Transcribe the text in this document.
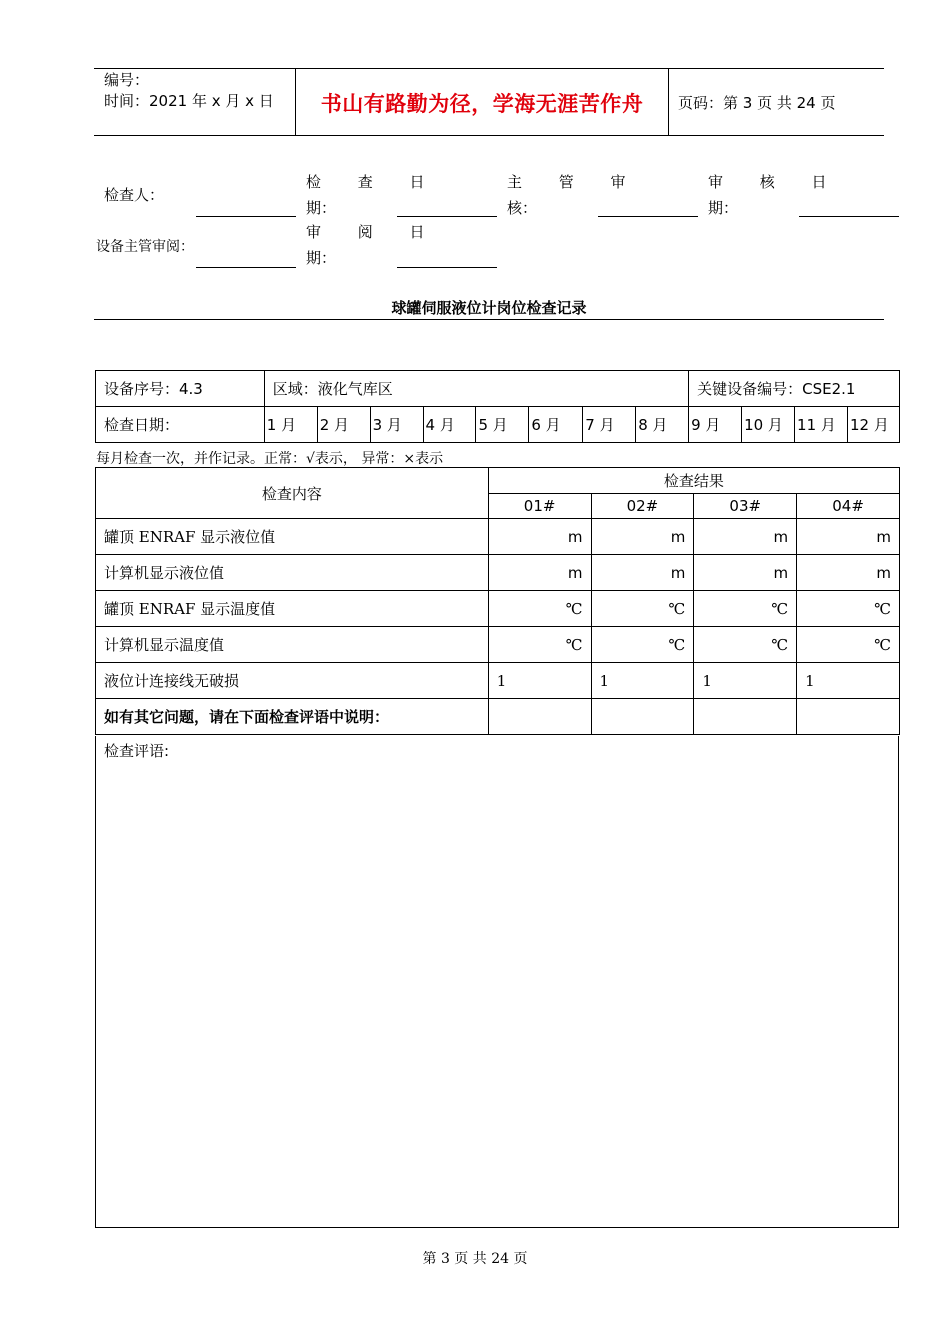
编号：
时间：2021 年 x 月 x 日	书山有路勤为径，学海无涯苦作舟	页码：第 3 页 共 24 页
检查人：
检 查 日
期：
主 管 审
核：
审 核 日
期：
设备主管审阅：
审 阅 日
期：
球罐伺服液位计岗位检查记录
设备序号：4.3	区域：液化气库区								关键设备编号：CSE2.1			
检查日期：	1 月	2 月	3 月	4 月	5 月	6 月	7 月	8 月	9 月	10 月	11 月	12 月
每月检查一次，并作记录。正常：√表示， 异常：×表示
检查内容	检查结果			
	01#	02#	03#	04#
罐顶 ENRAF 显示液位值	m	m	m	m
计算机显示液位值	m	m	m	m
罐顶 ENRAF 显示温度值	℃	℃	℃	℃
计算机显示温度值	℃	℃	℃	℃
液位计连接线无破损	1	1	1	1
如有其它问题，请在下面检查评语中说明：				
检查评语:
第 3 页 共 24 页
